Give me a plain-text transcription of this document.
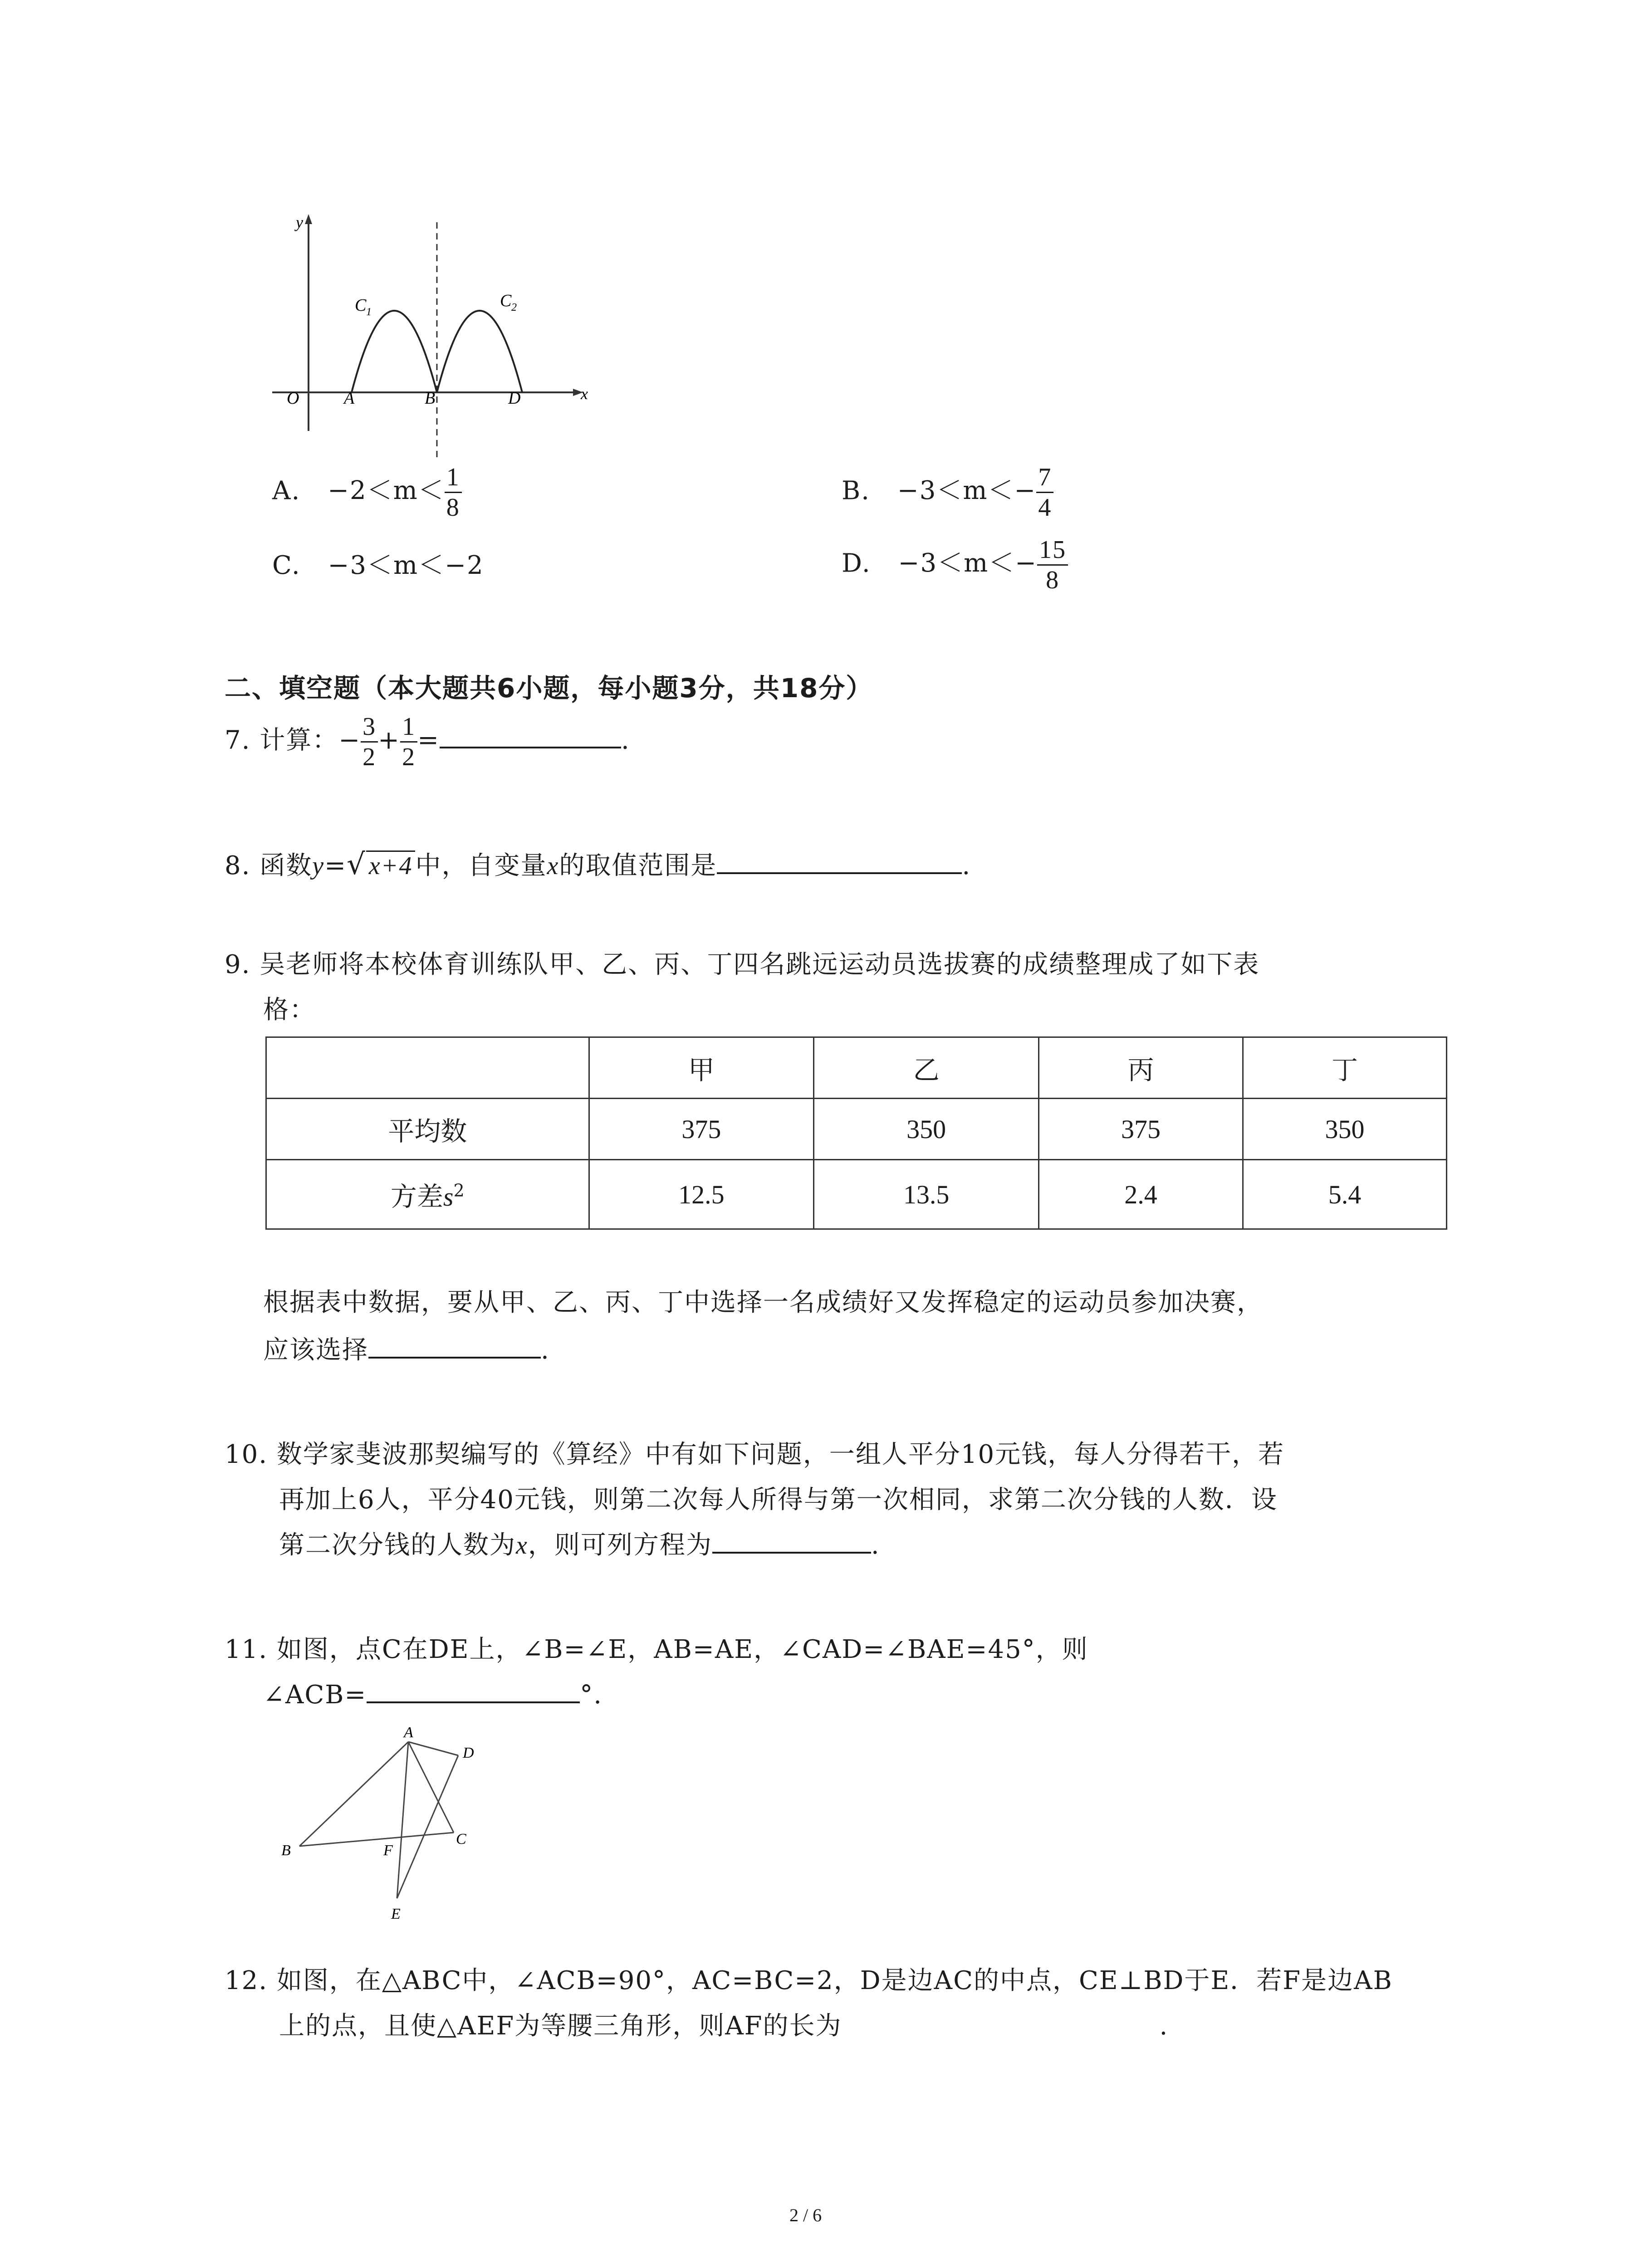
y
x
O	A	B	D
C 1
C 2
A. $-2<m< \frac{1}{8}$	B. $-3<m<- \frac{7}{4}$
C. −3＜m＜−2	D. $-3<m<- \frac{15}{8}$
二、填空题（本大题共6小题，每小题3分，共18分）
7. 计算：− $\frac{3}{2} + \frac{1}{2}$ =	.
8. 函数y=√ x+4 中，自变量x的取值范围是	.
9. 吴老师将本校体育训练队甲、乙、丙、丁四名跳远运动员选拔赛的成绩整理成了如下表
格：
	甲	乙	丙	丁
平均数	375	350	375	350
方差$s^2$	12.5	13.5	2.4	5.4
根据表中数据，要从甲、乙、丙、丁中选择一名成绩好又发挥稳定的运动员参加决赛，
应该选择	.
10. 数学家斐波那契编写的《算经》中有如下问题，一组人平分10元钱，每人分得若干，若
再加上6人，平分40元钱，则第二次每人所得与第一次相同，求第二次分钱的人数．设
第二次分钱的人数为x，则可列方程为	.
11. 如图，点C在DE上，∠B=∠E，AB=AE，∠CAD=∠BAE=45°，则
∠ACB=	°.
A
B
C
D
E
F
12. 如图，在△ABC中，∠ACB=90°，AC=BC=2，D是边AC的中点，CE⊥BD于E．若F是边AB
上的点，且使△AEF为等腰三角形，则AF的长为	.
2 / 6
